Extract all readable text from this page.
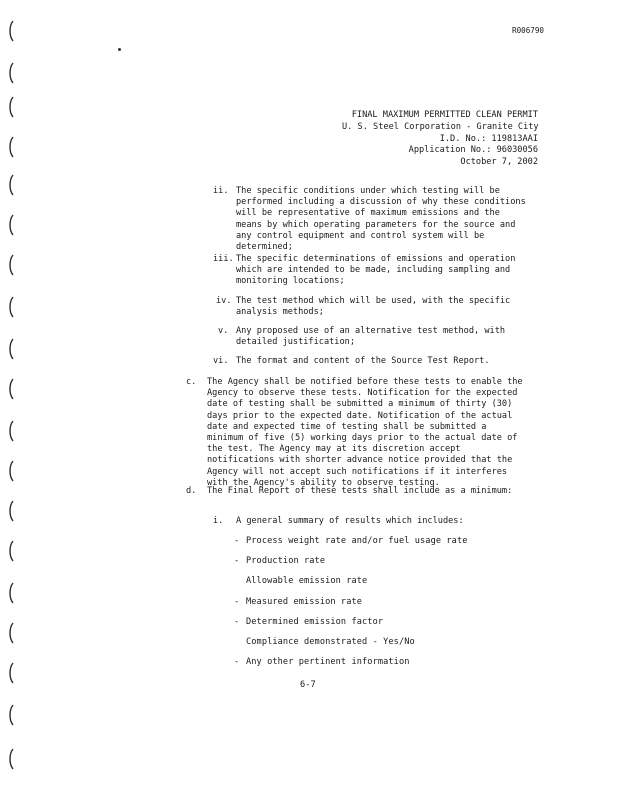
R006790
FINAL MAXIMUM PERMITTED CLEAN PERMIT
U. S. Steel Corporation - Granite City
I.D. No.: 119813AAI
Application No.: 96030056
October 7, 2002
ii. The specific conditions under which testing will be performed including a discussion of why these conditions will be representative of maximum emissions and the means by which operating parameters for the source and any control equipment and control system will be determined;
iii. The specific determinations of emissions and operation which are intended to be made, including sampling and monitoring locations;
iv. The test method which will be used, with the specific analysis methods;
v. Any proposed use of an alternative test method, with detailed justification;
vi. The format and content of the Source Test Report.
c. The Agency shall be notified before these tests to enable the Agency to observe these tests. Notification for the expected date of testing shall be submitted a minimum of thirty (30) days prior to the expected date. Notification of the actual date and expected time of testing shall be submitted a minimum of five (5) working days prior to the actual date of the test. The Agency may at its discretion accept notifications with shorter advance notice provided that the Agency will not accept such notifications if it interferes with the Agency's ability to observe testing.
d. The Final Report of these tests shall include as a minimum:
i. A general summary of results which includes:
- Process weight rate and/or fuel usage rate
- Production rate
Allowable emission rate
- Measured emission rate
- Determined emission factor
Compliance demonstrated - Yes/No
- Any other pertinent information
6-7
